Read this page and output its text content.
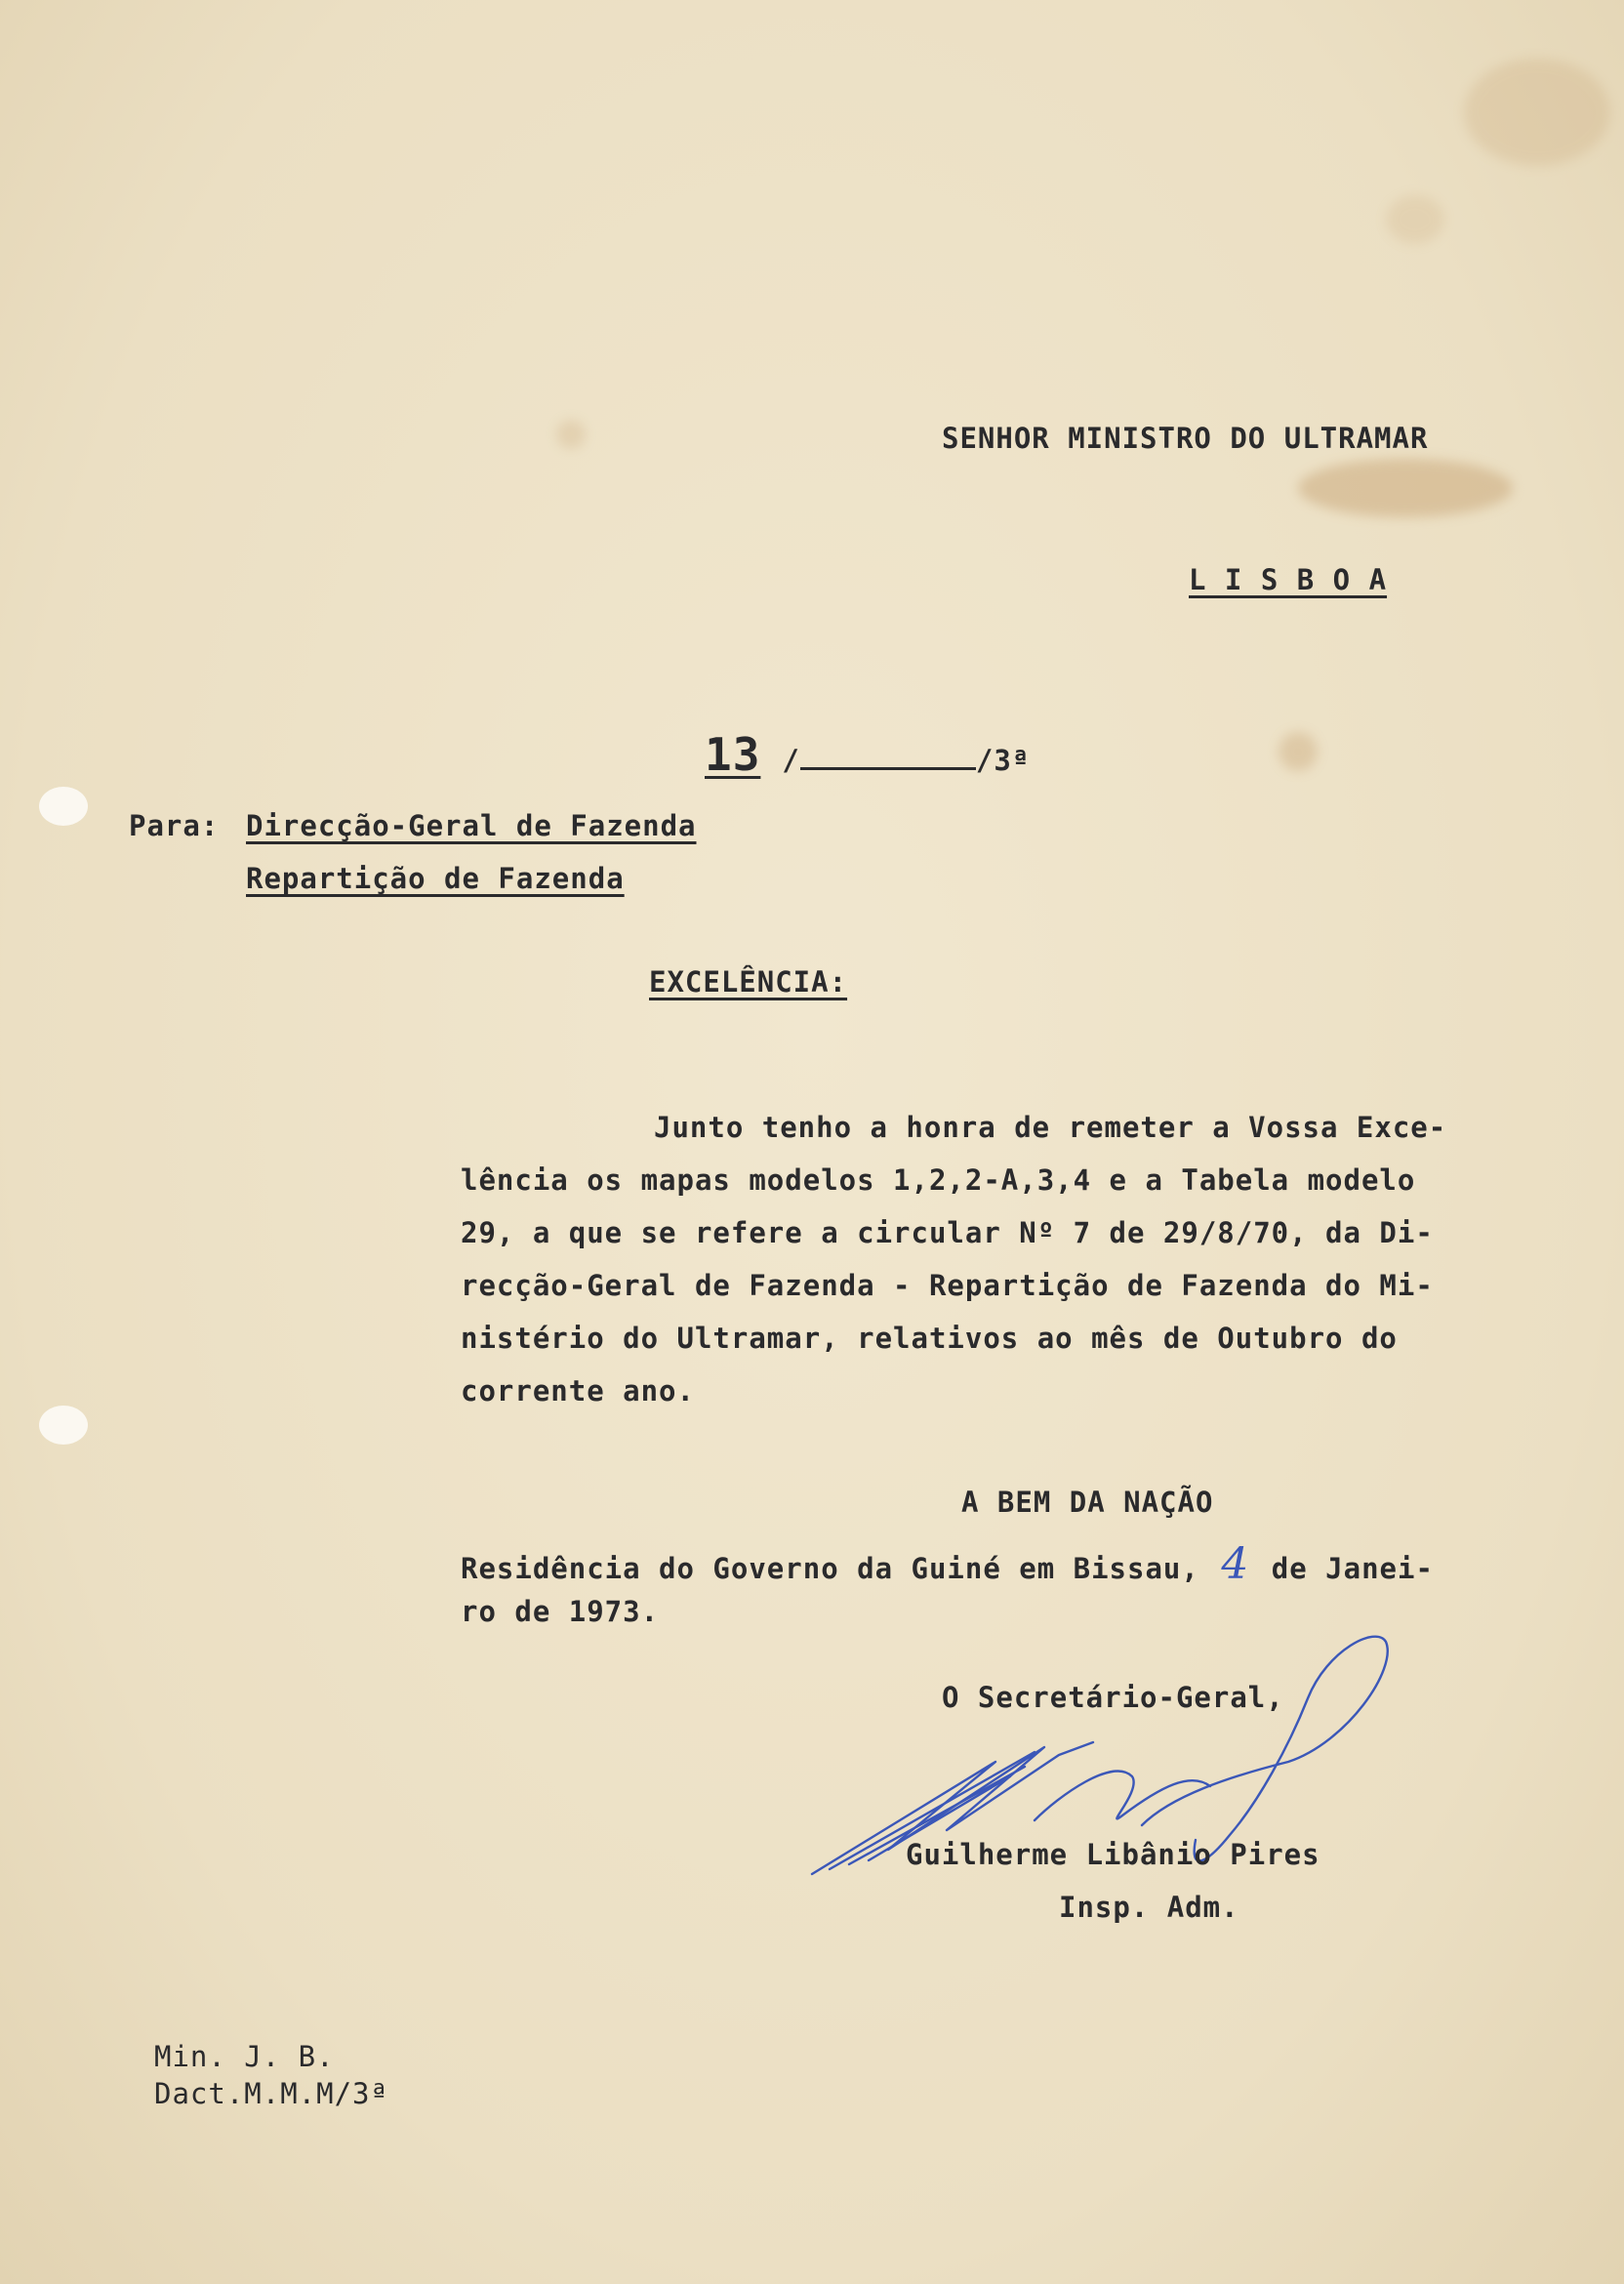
SENHOR MINISTRO DO ULTRAMAR
L I S B O A
13 /	/3ª
Para: Direcção-Geral de Fazenda
Repartição de Fazenda
EXCELÊNCIA:
Junto tenho a honra de remeter a Vossa Exce-
lência os mapas modelos 1,2,2-A,3,4 e a Tabela modelo
29, a que se refere a circular Nº 7 de 29/8/70, da Di-
recção-Geral de Fazenda - Repartição de Fazenda do Mi-
nistério do Ultramar, relativos ao mês de Outubro do
corrente ano.
A BEM DA NAÇÃO
Residência do Governo da Guiné em Bissau, 4 de Janei-
ro de 1973.
O Secretário-Geral,
Guilherme Libânio Pires
Insp. Adm.
Min. J. B.
Dact.M.M.M/3ª
